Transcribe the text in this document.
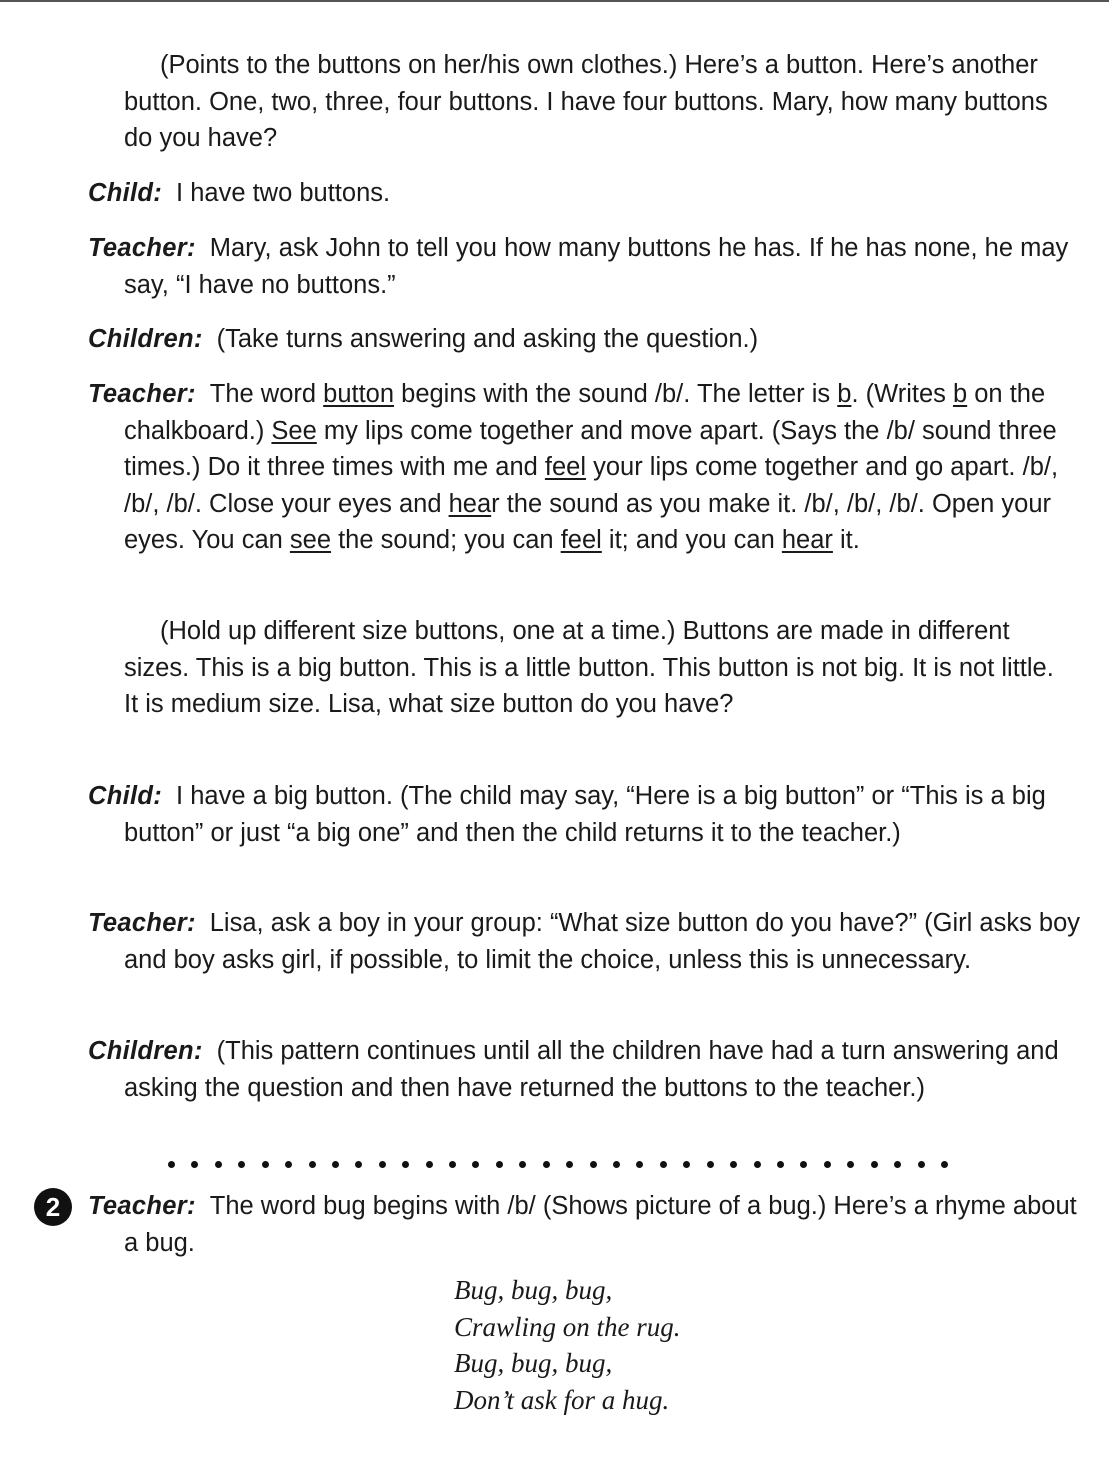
(Points to the buttons on her/his own clothes.) Here’s a button. Here’s another button. One, two, three, four buttons. I have four buttons. Mary, how many buttons do you have?

Child: I have two buttons.

Teacher: Mary, ask John to tell you how many buttons he has. If he has none, he may say, “I have no buttons.”

Children: (Take turns answering and asking the question.)

Teacher: The word button begins with the sound /b/. The letter is b. (Writes b on the chalkboard.) See my lips come together and move apart. (Says the /b/ sound three times.) Do it three times with me and feel your lips come together and go apart. /b/, /b/, /b/. Close your eyes and hear the sound as you make it. /b/, /b/, /b/. Open your eyes. You can see the sound; you can feel it; and you can hear it.

(Hold up different size buttons, one at a time.) Buttons are made in different sizes. This is a big button. This is a little button. This button is not big. It is not little. It is medium size. Lisa, what size button do you have?

Child: I have a big button. (The child may say, “Here is a big button” or “This is a big button” or just “a big one” and then the child returns it to the teacher.)

Teacher: Lisa, ask a boy in your group: “What size button do you have?” (Girl asks boy and boy asks girl, if possible, to limit the choice, unless this is unnecessary.

Children: (This pattern continues until all the children have had a turn answering and asking the question and then have returned the buttons to the teacher.)

2	Teacher: The word bug begins with /b/ (Shows picture of a bug.) Here’s a rhyme about a bug.

Bug, bug, bug,
Crawling on the rug.
Bug, bug, bug,
Don’t ask for a hug.
